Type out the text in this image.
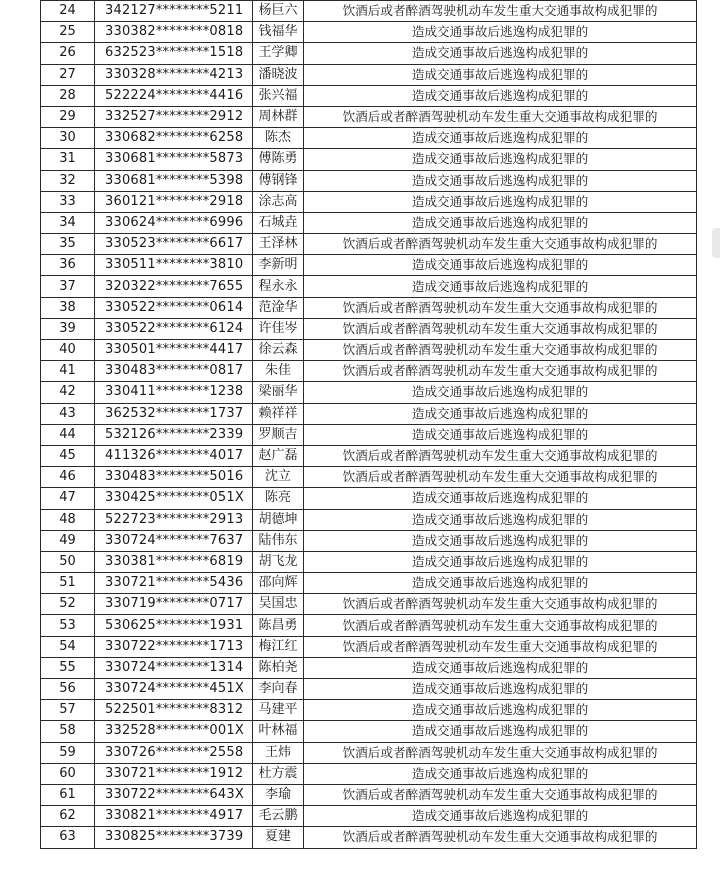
24	342127********5211	杨巨六	饮酒后或者醉酒驾驶机动车发生重大交通事故构成犯罪的
25	330382********0818	钱福华	造成交通事故后逃逸构成犯罪的
26	632523********1518	王学卿	造成交通事故后逃逸构成犯罪的
27	330328********4213	潘晓波	造成交通事故后逃逸构成犯罪的
28	522224********4416	张兴福	造成交通事故后逃逸构成犯罪的
29	332527********2912	周林群	饮酒后或者醉酒驾驶机动车发生重大交通事故构成犯罪的
30	330682********6258	陈杰	造成交通事故后逃逸构成犯罪的
31	330681********5873	傅陈勇	造成交通事故后逃逸构成犯罪的
32	330681********5398	傅钢锋	造成交通事故后逃逸构成犯罪的
33	360121********2918	涂志高	造成交通事故后逃逸构成犯罪的
34	330624********6996	石城垚	造成交通事故后逃逸构成犯罪的
35	330523********6617	王泽林	饮酒后或者醉酒驾驶机动车发生重大交通事故构成犯罪的
36	330511********3810	李新明	造成交通事故后逃逸构成犯罪的
37	320322********7655	程永永	造成交通事故后逃逸构成犯罪的
38	330522********0614	范淦华	饮酒后或者醉酒驾驶机动车发生重大交通事故构成犯罪的
39	330522********6124	许佳岑	饮酒后或者醉酒驾驶机动车发生重大交通事故构成犯罪的
40	330501********4417	徐云森	饮酒后或者醉酒驾驶机动车发生重大交通事故构成犯罪的
41	330483********0817	朱佳	饮酒后或者醉酒驾驶机动车发生重大交通事故构成犯罪的
42	330411********1238	梁丽华	造成交通事故后逃逸构成犯罪的
43	362532********1737	赖祥祥	造成交通事故后逃逸构成犯罪的
44	532126********2339	罗顺吉	造成交通事故后逃逸构成犯罪的
45	411326********4017	赵广磊	饮酒后或者醉酒驾驶机动车发生重大交通事故构成犯罪的
46	330483********5016	沈立	饮酒后或者醉酒驾驶机动车发生重大交通事故构成犯罪的
47	330425********051X	陈亮	造成交通事故后逃逸构成犯罪的
48	522723********2913	胡德坤	造成交通事故后逃逸构成犯罪的
49	330724********7637	陆伟东	造成交通事故后逃逸构成犯罪的
50	330381********6819	胡飞龙	造成交通事故后逃逸构成犯罪的
51	330721********5436	邵向辉	造成交通事故后逃逸构成犯罪的
52	330719********0717	吴国忠	饮酒后或者醉酒驾驶机动车发生重大交通事故构成犯罪的
53	530625********1931	陈昌勇	饮酒后或者醉酒驾驶机动车发生重大交通事故构成犯罪的
54	330722********1713	梅江红	饮酒后或者醉酒驾驶机动车发生重大交通事故构成犯罪的
55	330724********1314	陈柏尧	造成交通事故后逃逸构成犯罪的
56	330724********451X	李向春	造成交通事故后逃逸构成犯罪的
57	522501********8312	马建平	造成交通事故后逃逸构成犯罪的
58	332528********001X	叶林福	造成交通事故后逃逸构成犯罪的
59	330726********2558	王炜	饮酒后或者醉酒驾驶机动车发生重大交通事故构成犯罪的
60	330721********1912	杜方震	造成交通事故后逃逸构成犯罪的
61	330722********643X	李瑜	饮酒后或者醉酒驾驶机动车发生重大交通事故构成犯罪的
62	330821********4917	毛云鹏	造成交通事故后逃逸构成犯罪的
63	330825********3739	夏建	饮酒后或者醉酒驾驶机动车发生重大交通事故构成犯罪的
